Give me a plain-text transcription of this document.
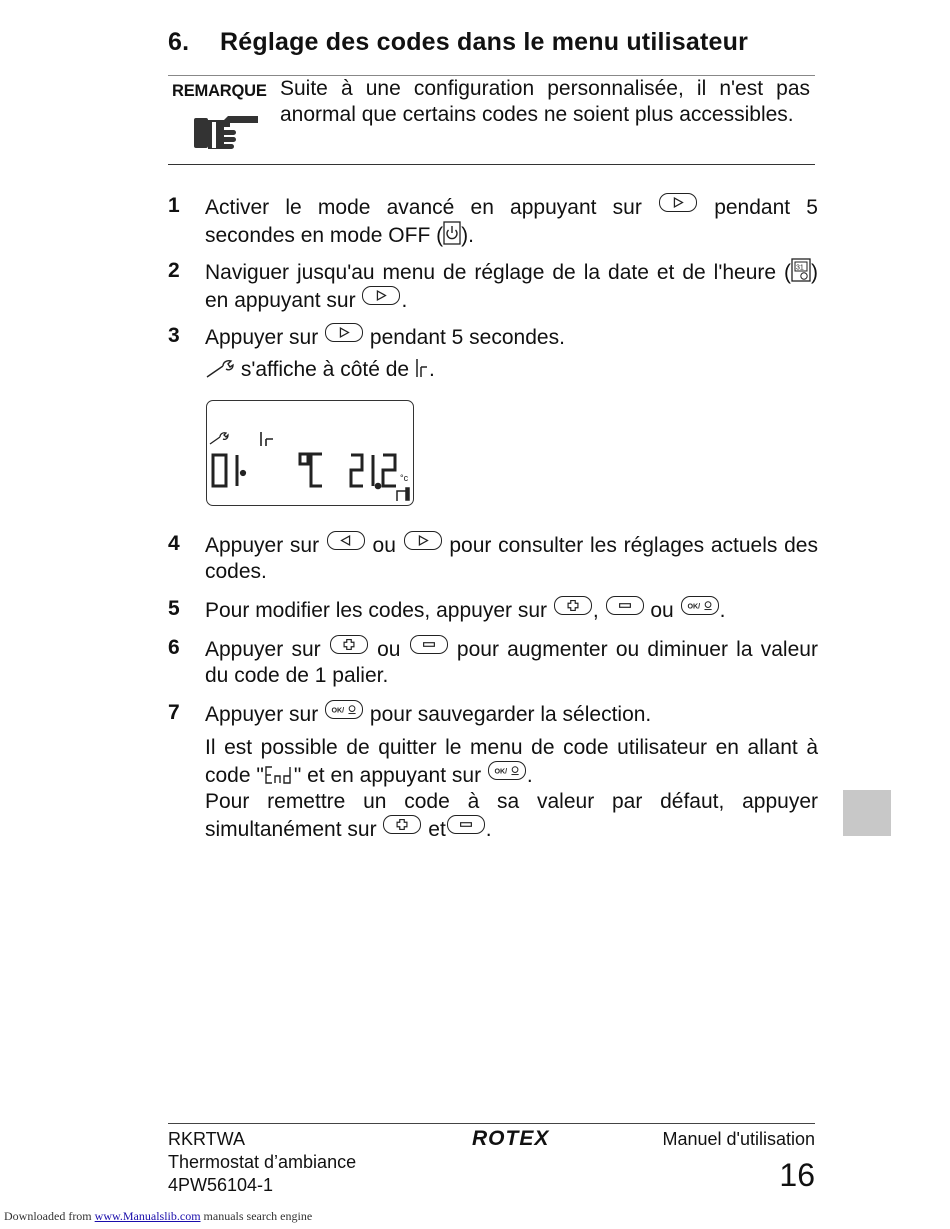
6. Réglage des codes dans le menu utilisateur
REMARQUE Suite à une configuration personnalisée, il n'est pas anormal que certains codes ne soient plus accessibles.
1 Activer le mode avancé en appuyant sur	pendant 5 secondes en mode OFF ( ).
2 Naviguer jusqu'au menu de réglage de la date et de l'heure ( 31 ) en appuyant sur .
3 Appuyer sur pendant 5 secondes.
s'affiche à côté de .
°c
4 Appuyer sur	ou	pour consulter les réglages actuels des codes.
5 Pour modifier les codes, appuyer sur , ou OK/ .
6 Appuyer sur	ou	pour augmenter ou diminuer la valeur du code de 1 palier.
7 Appuyer sur OK/ pour sauvegarder la sélection.
Il est possible de quitter le menu de code utilisateur en allant à code " " et en appuyant sur OK/ .
Pour remettre un code à sa valeur par défaut, appuyer simultanément sur et .
RKRTWA
Thermostat d’ambiance
4PW56104-1
ROTEX	Manuel d'utilisation
16
Downloaded from www.Manualslib.com manuals search engine
